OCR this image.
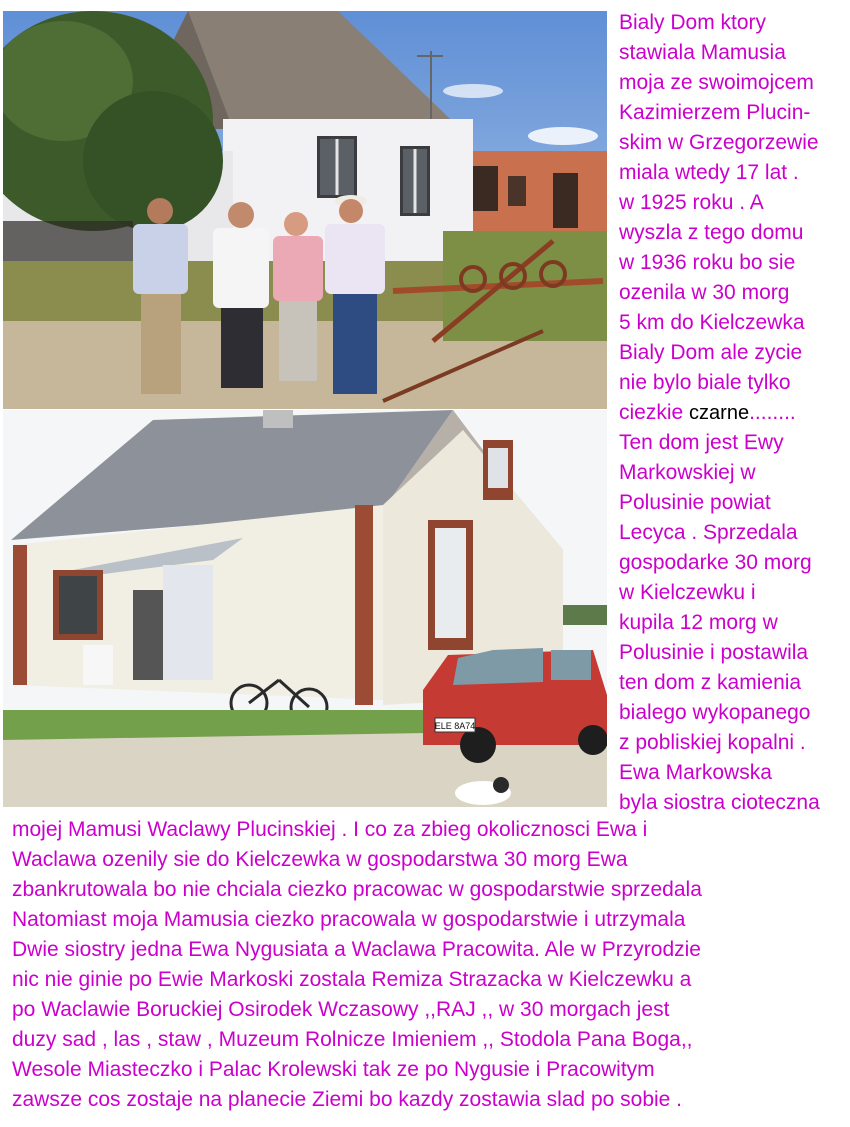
ELE 8A74
Bialy Dom ktory
stawiala Mamusia
moja ze swoimojcem
Kazimierzem Plucin-
skim w Grzegorzewie
miala wtedy 17 lat .
w 1925 roku . A
wyszla z tego domu
w 1936 roku bo sie
ozenila w 30 morg
5 km do Kielczewka
Bialy Dom ale zycie
nie bylo biale tylko
ciezkie czarne........
Ten dom jest Ewy
Markowskiej w
Polusinie powiat
Lecyca . Sprzedala
gospodarke 30 morg
w Kielczewku i
kupila 12 morg w
Polusinie i postawila
ten dom z kamienia
bialego wykopanego
z pobliskiej kopalni .
Ewa Markowska
byla siostra cioteczna
mojej Mamusi Waclawy Plucinskiej . I co za zbieg okolicznosci Ewa i
Waclawa ozenily sie do Kielczewka w gospodarstwa 30 morg Ewa
zbankrutowala bo nie chciala ciezko pracowac w gospodarstwie sprzedala
Natomiast moja Mamusia ciezko pracowala w gospodarstwie i utrzymala
Dwie siostry jedna Ewa Nygusiata a Waclawa Pracowita. Ale w Przyrodzie
nic nie ginie po Ewie Markoski zostala Remiza Strazacka w Kielczewku a
po Waclawie Boruckiej Osirodek Wczasowy ,,RAJ ,, w 30 morgach jest
duzy sad , las , staw , Muzeum Rolnicze Imieniem ,, Stodola Pana Boga,,
Wesole Miasteczko i Palac Krolewski tak ze po Nygusie i Pracowitym
zawsze cos zostaje na planecie Ziemi bo kazdy zostawia slad po sobie .
